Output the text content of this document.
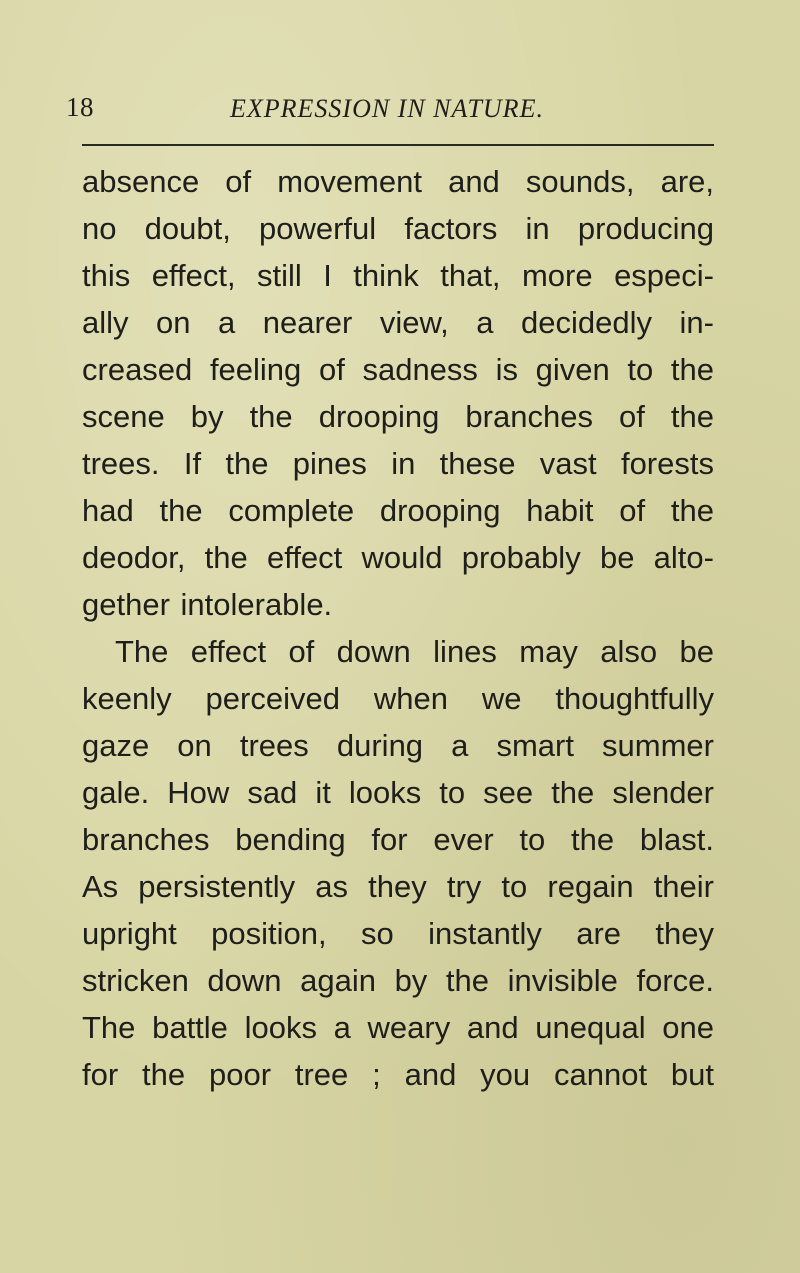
18	EXPRESSION IN NATURE.
absence of movement and sounds, are,
no doubt, powerful factors in producing
this effect, still I think that, more especi-
ally on a nearer view, a decidedly in-
creased feeling of sadness is given to the
scene by the drooping branches of the
trees. If the pines in these vast forests
had the complete drooping habit of the
deodor, the effect would probably be alto-
gether intolerable.
The effect of down lines may also be
keenly perceived when we thoughtfully
gaze on trees during a smart summer
gale. How sad it looks to see the slender
branches bending for ever to the blast.
As persistently as they try to regain their
upright position, so instantly are they
stricken down again by the invisible force.
The battle looks a weary and unequal one
for the poor tree ; and you cannot but
